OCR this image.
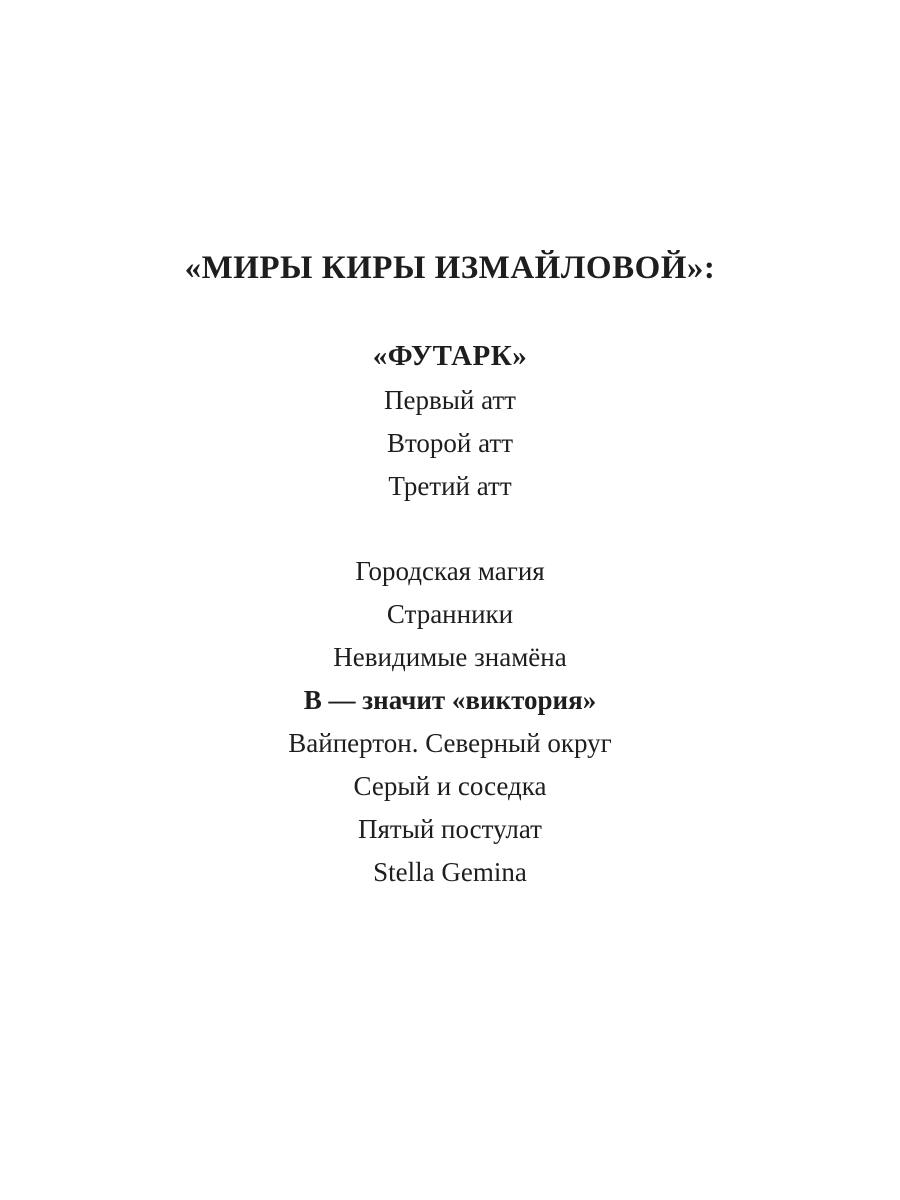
«МИРЫ КИРЫ ИЗМАЙЛОВОЙ»:
«ФУТАРК»

Первый атт

Второй атт

Третий атт

Городская магия

Странники

Невидимые знамёна

В — значит «виктория»

Вайпертон. Северный округ

Серый и соседка

Пятый постулат

Stella Gemina
